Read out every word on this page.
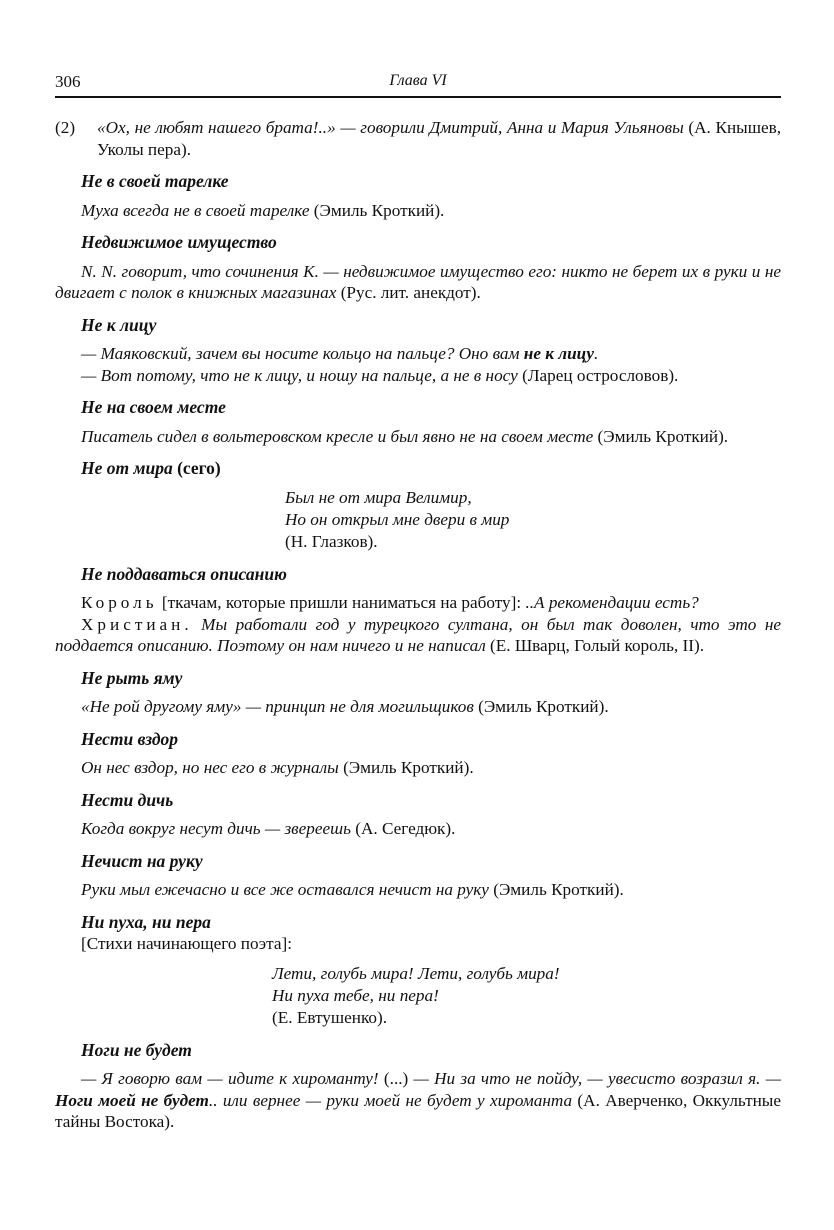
306	Глава VI
(2)	«Ох, не любят нашего брата!..» — говорили Дмитрий, Анна и Мария Ульяновы (А. Кнышев, Уколы пера).

Не в своей тарелке

Муха всегда не в своей тарелке (Эмиль Кроткий).

Недвижимое имущество

N. N. говорит, что сочинения К. — недвижимое имущество его: никто не берет их в руки и не двигает с полок в книжных магазинах (Рус. лит. анекдот).

Не к лицу

— Маяковский, зачем вы носите кольцо на пальце? Оно вам не к лицу.

— Вот потому, что не к лицу, и ношу на пальце, а не в носу (Ларец острословов).

Не на своем месте

Писатель сидел в вольтеровском кресле и был явно не на своем месте (Эмиль Кроткий).

Не от мира (сего)
Был не от мира Велимир,
Но он открыл мне двери в мир
(Н. Глазков).
Не поддаваться описанию

Король [ткачам, которые пришли наниматься на работу]: ..А рекомендации есть?

Христиан. Мы работали год у турецкого султана, он был так доволен, что это не поддается описанию. Поэтому он нам ничего и не написал (Е. Шварц, Голый король, II).

Не рыть яму

«Не рой другому яму» — принцип не для могильщиков (Эмиль Кроткий).

Нести вздор

Он нес вздор, но нес его в журналы (Эмиль Кроткий).

Нести дичь

Когда вокруг несут дичь — звереешь (А. Сегедюк).

Нечист на руку

Руки мыл ежечасно и все же оставался нечист на руку (Эмиль Кроткий).

Ни пуха, ни пера

[Стихи начинающего поэта]:

Лети, голубь мира! Лети, голубь мира!
Ни пуха тебе, ни пера!
(Е. Евтушенко).
Ноги не будет

— Я говорю вам — идите к хироманту! (...) — Ни за что не пойду, — увесисто возразил я. — Ноги моей не будет.. или вернее — руки моей не будет у хироманта (А. Аверченко, Оккультные тайны Востока).
